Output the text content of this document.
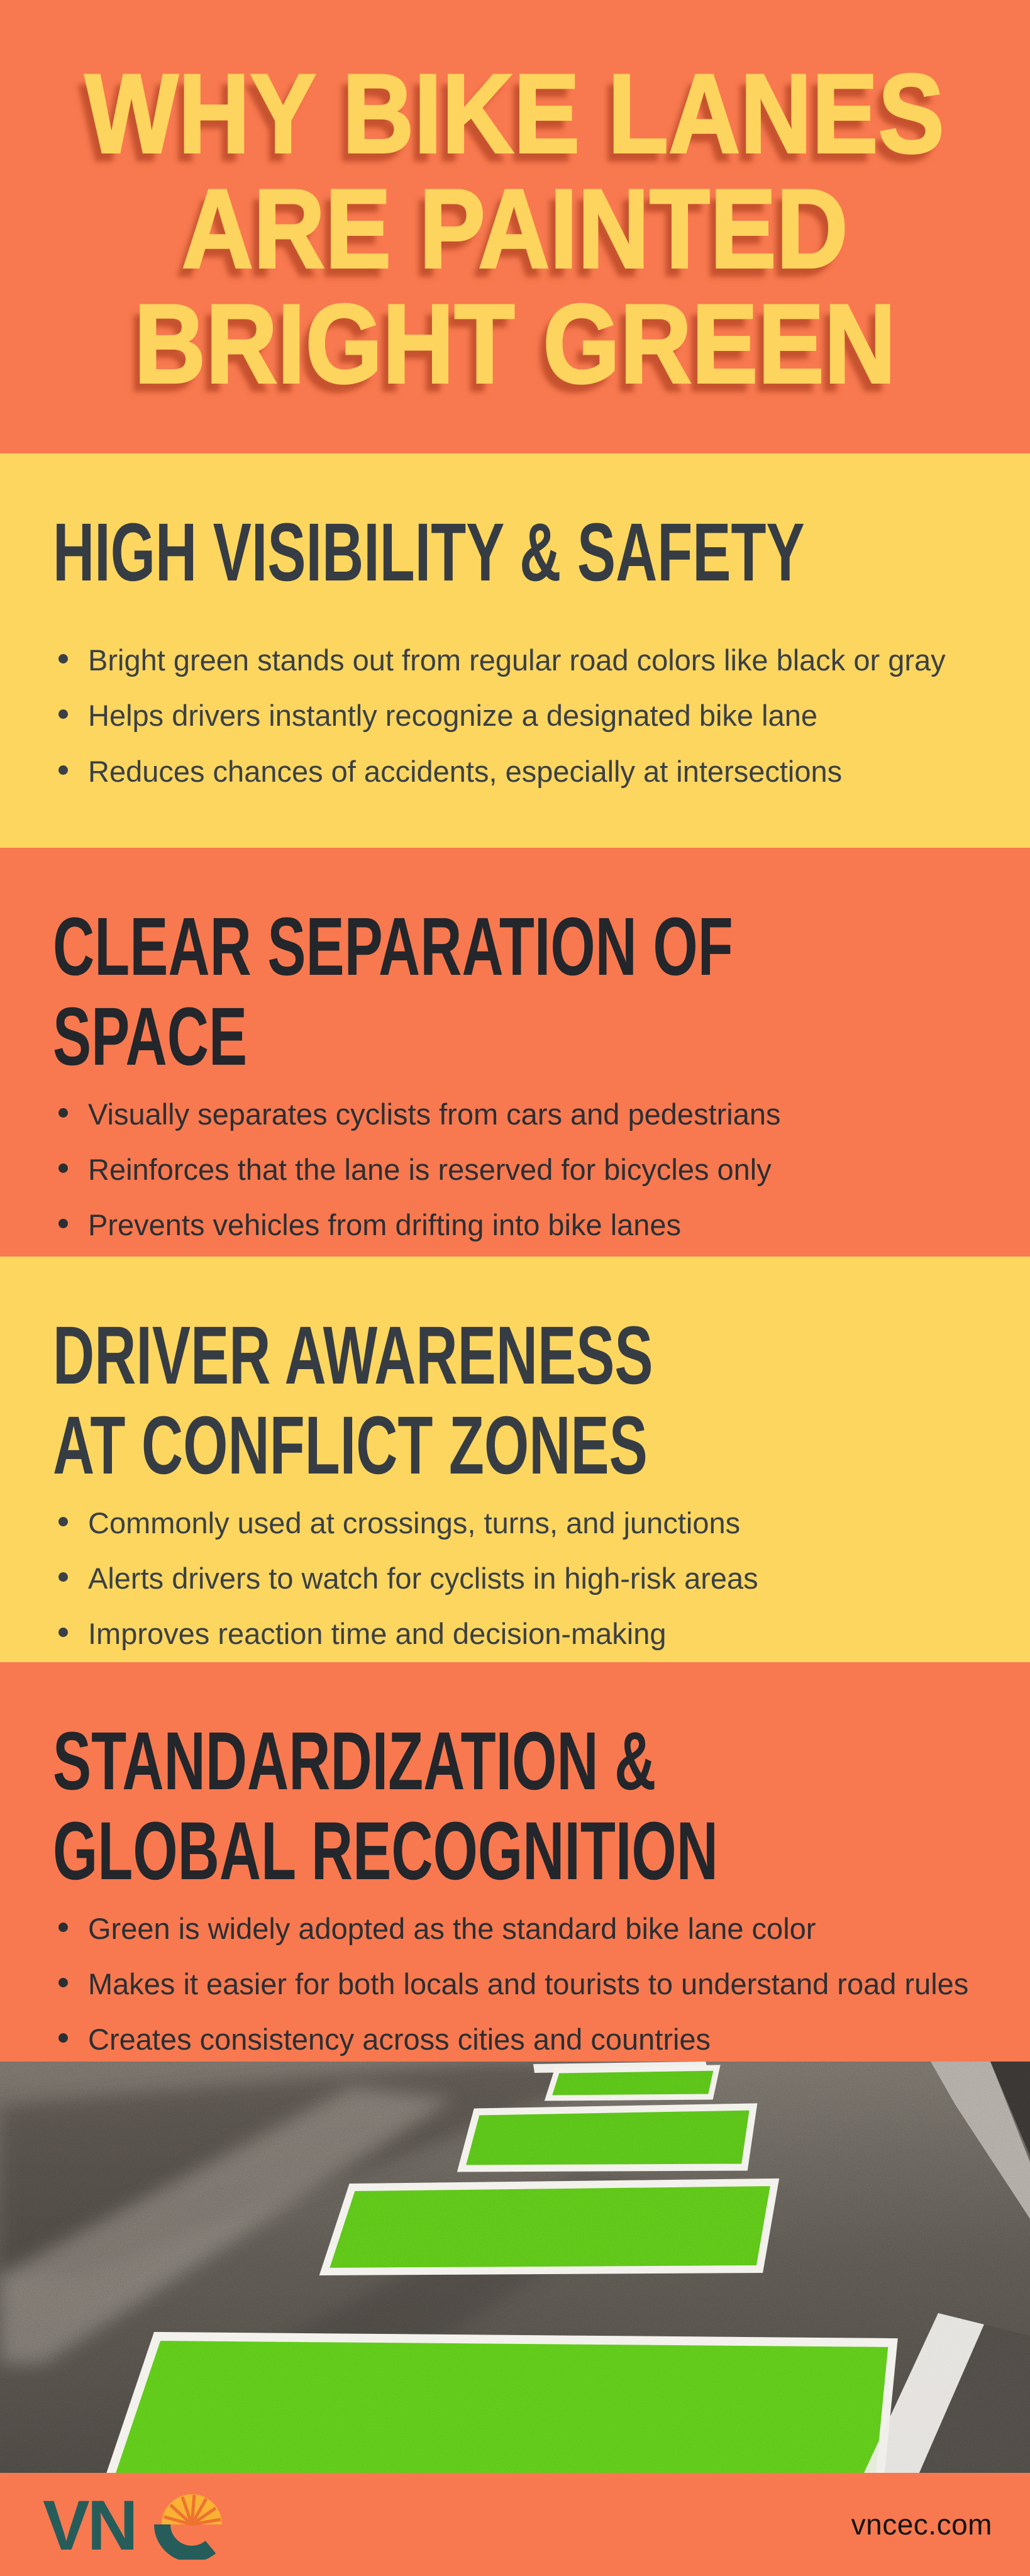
WHY BIKE LANES
ARE PAINTED
BRIGHT GREEN
HIGH VISIBILITY & SAFETY
Bright green stands out from regular road colors like black or gray
Helps drivers instantly recognize a designated bike lane
Reduces chances of accidents, especially at intersections
CLEAR SEPARATION OF
SPACE
Visually separates cyclists from cars and pedestrians
Reinforces that the lane is reserved for bicycles only
Prevents vehicles from drifting into bike lanes
DRIVER AWARENESS
AT CONFLICT ZONES
Commonly used at crossings, turns, and junctions
Alerts drivers to watch for cyclists in high-risk areas
Improves reaction time and decision-making
STANDARDIZATION &
GLOBAL RECOGNITION
Green is widely adopted as the standard bike lane color
Makes it easier for both locals and tourists to understand road rules
Creates consistency across cities and countries
VN	vncec.com
